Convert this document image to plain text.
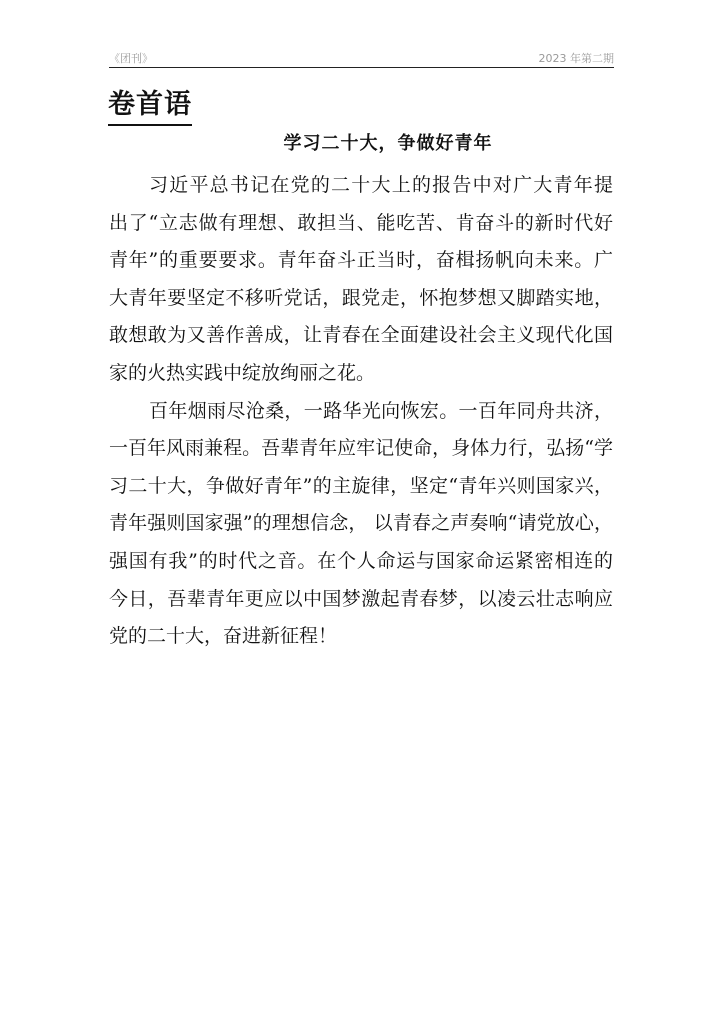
《团刊》	2023 年第二期
卷首语
学习二十大，争做好青年
习近平总书记在党的二十大上的报告中对广大青年提
出了“立志做有理想、敢担当、能吃苦、肯奋斗的新时代好
青年”的重要要求。青年奋斗正当时，奋楫扬帆向未来。广
大青年要坚定不移听党话，跟党走，怀抱梦想又脚踏实地，
敢想敢为又善作善成，让青春在全面建设社会主义现代化国
家的火热实践中绽放绚丽之花。
百年烟雨尽沧桑，一路华光向恢宏。一百年同舟共济，
一百年风雨兼程。吾辈青年应牢记使命，身体力行，弘扬“学
习二十大，争做好青年”的主旋律，坚定“青年兴则国家兴，
青年强则国家强”的理想信念， 以青春之声奏响“请党放心，
强国有我”的时代之音。在个人命运与国家命运紧密相连的
今日，吾辈青年更应以中国梦激起青春梦，以凌云壮志响应
党的二十大，奋进新征程！
